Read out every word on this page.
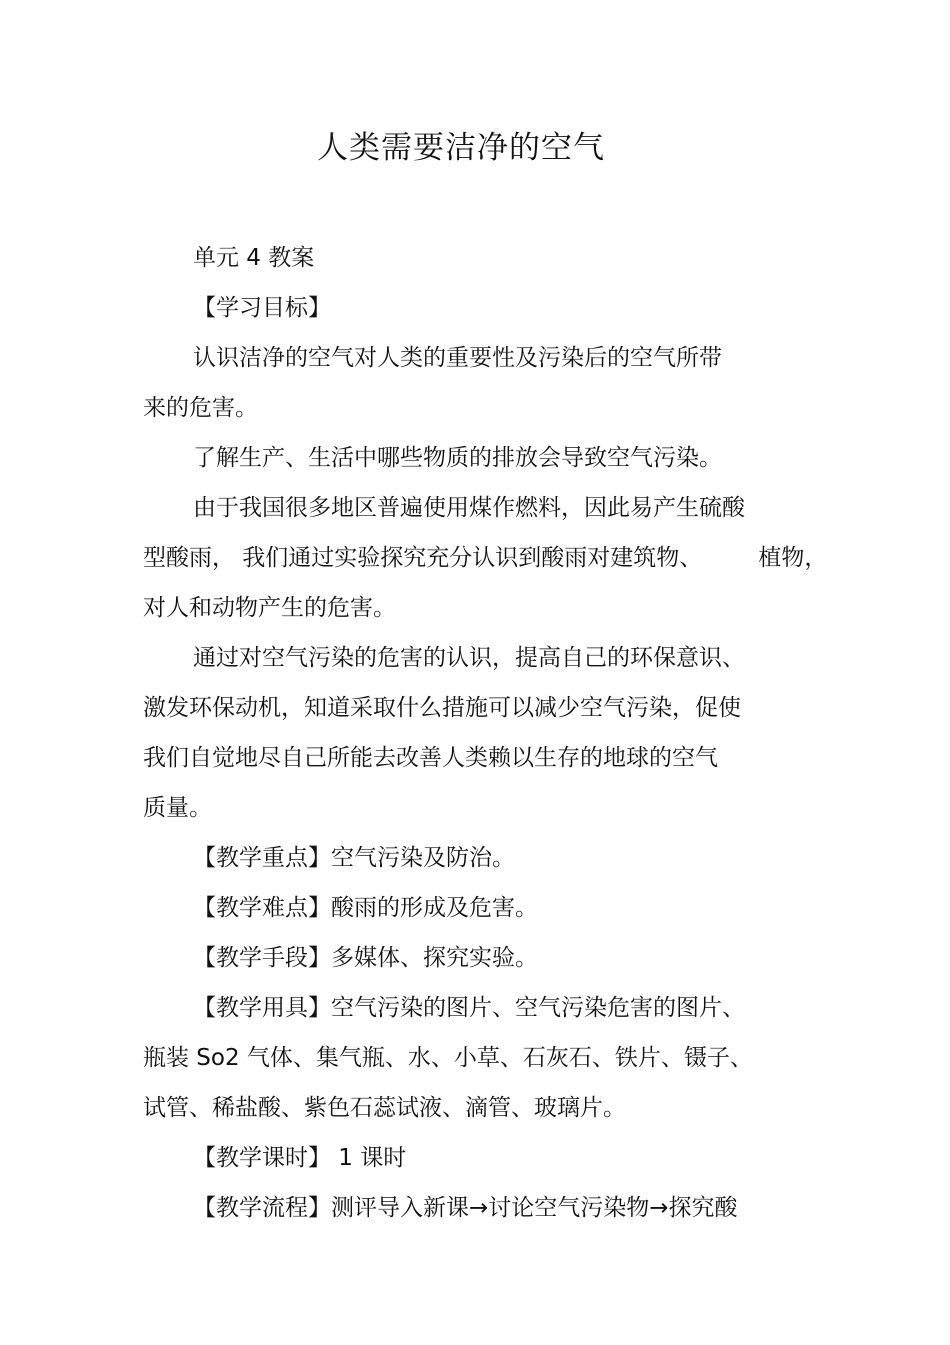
人类需要洁净的空气
单元 4 教案
【学习目标】
认识洁净的空气对人类的重要性及污染后的空气所带
来的危害。
了解生产、生活中哪些物质的排放会导致空气污染。
由于我国很多地区普遍使用煤作燃料，因此易产生硫酸
型酸雨， 我们通过实验探究充分认识到酸雨对建筑物、 植物，
对人和动物产生的危害。
通过对空气污染的危害的认识，提高自己的环保意识、
激发环保动机，知道采取什么措施可以减少空气污染，促使
我们自觉地尽自己所能去改善人类赖以生存的地球的空气
质量。
【教学重点】空气污染及防治。
【教学难点】酸雨的形成及危害。
【教学手段】多媒体、探究实验。
【教学用具】空气污染的图片、空气污染危害的图片、
瓶装 So2 气体、集气瓶、水、小草、石灰石、铁片、镊子、
试管、稀盐酸、紫色石蕊试液、滴管、玻璃片。
【教学课时】 1 课时
【教学流程】测评导入新课→讨论空气污染物→探究酸
